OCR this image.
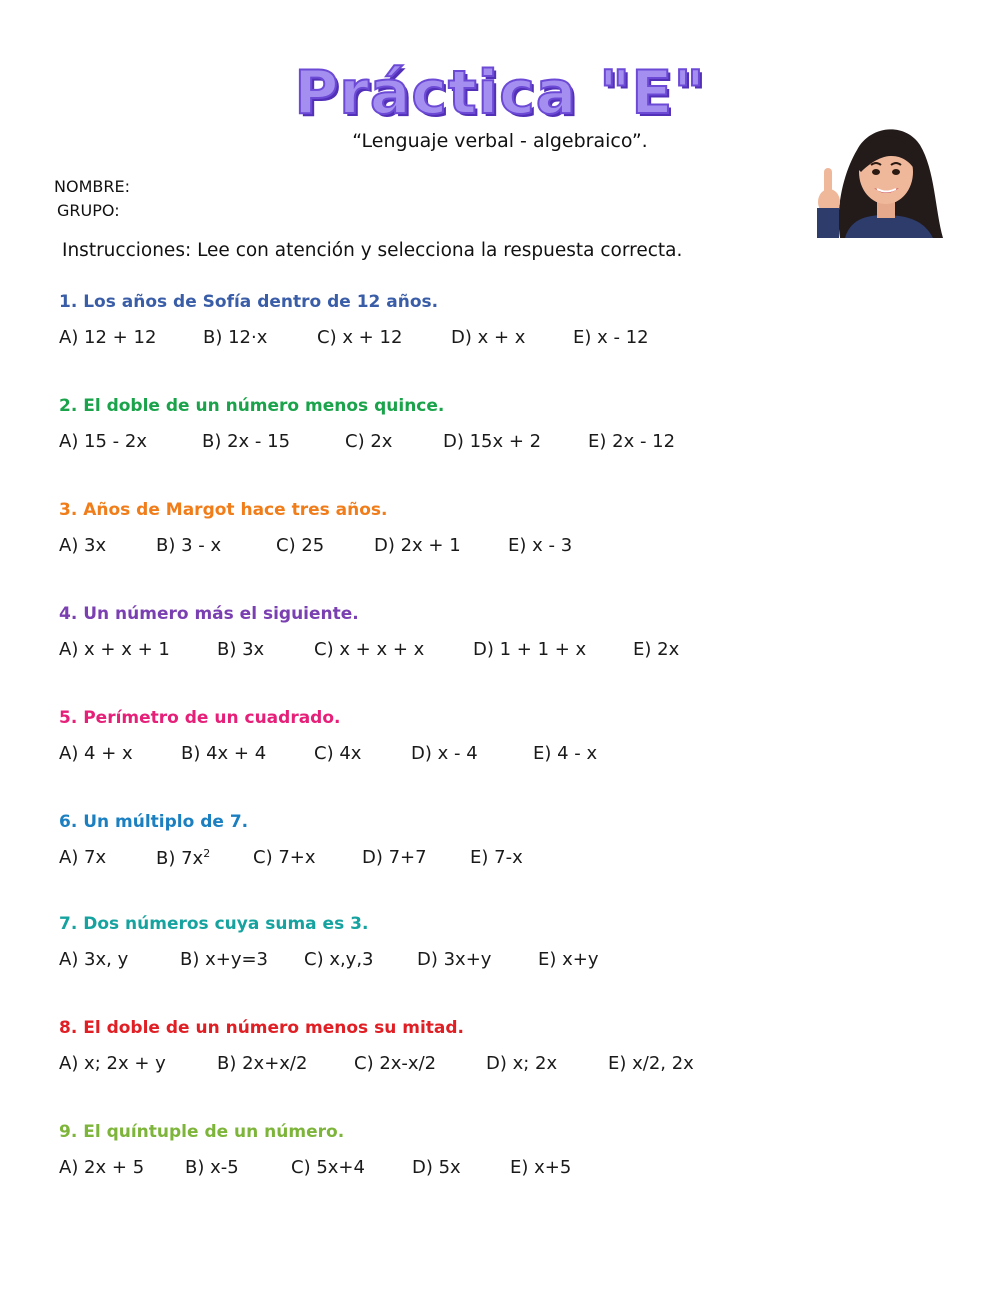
Práctica "E"
“Lenguaje verbal - algebraico”.
NOMBRE:
GRUPO:
Instrucciones: Lee con atención y selecciona la respuesta correcta.
1. Los años de Sofía dentro de 12 años.
A) 12 + 12	B) 12·x	C) x + 12	D) x + x	E) x - 12
2. El doble de un número menos quince.
A) 15 - 2x	B) 2x - 15	C) 2x	D) 15x + 2	E) 2x - 12
3. Años de Margot hace tres años.
A) 3x	B) 3 - x	C) 25	D) 2x + 1	E) x - 3
4. Un número más el siguiente.
A) x + x + 1	B) 3x	C) x + x + x	D) 1 + 1 + x	E) 2x
5. Perímetro de un cuadrado.
A) 4 + x	B) 4x + 4	C) 4x	D) x - 4	E) 4 - x
6. Un múltiplo de 7.
A) 7x	B) $7x^2$ C) 7+x	D) 7+7 E) 7-x
7. Dos números cuya suma es 3.
A) 3x, y	B) x+y=3 C) x,y,3 D) 3x+y	E) x+y
8. El doble de un número menos su mitad.
A) x; 2x + y	B) 2x+x/2	C) 2x-x/2	D) x; 2x	E) x/2, 2x
9. El quíntuple de un número.
A) 2x + 5 B) x-5	C) 5x+4	D) 5x	E) x+5
